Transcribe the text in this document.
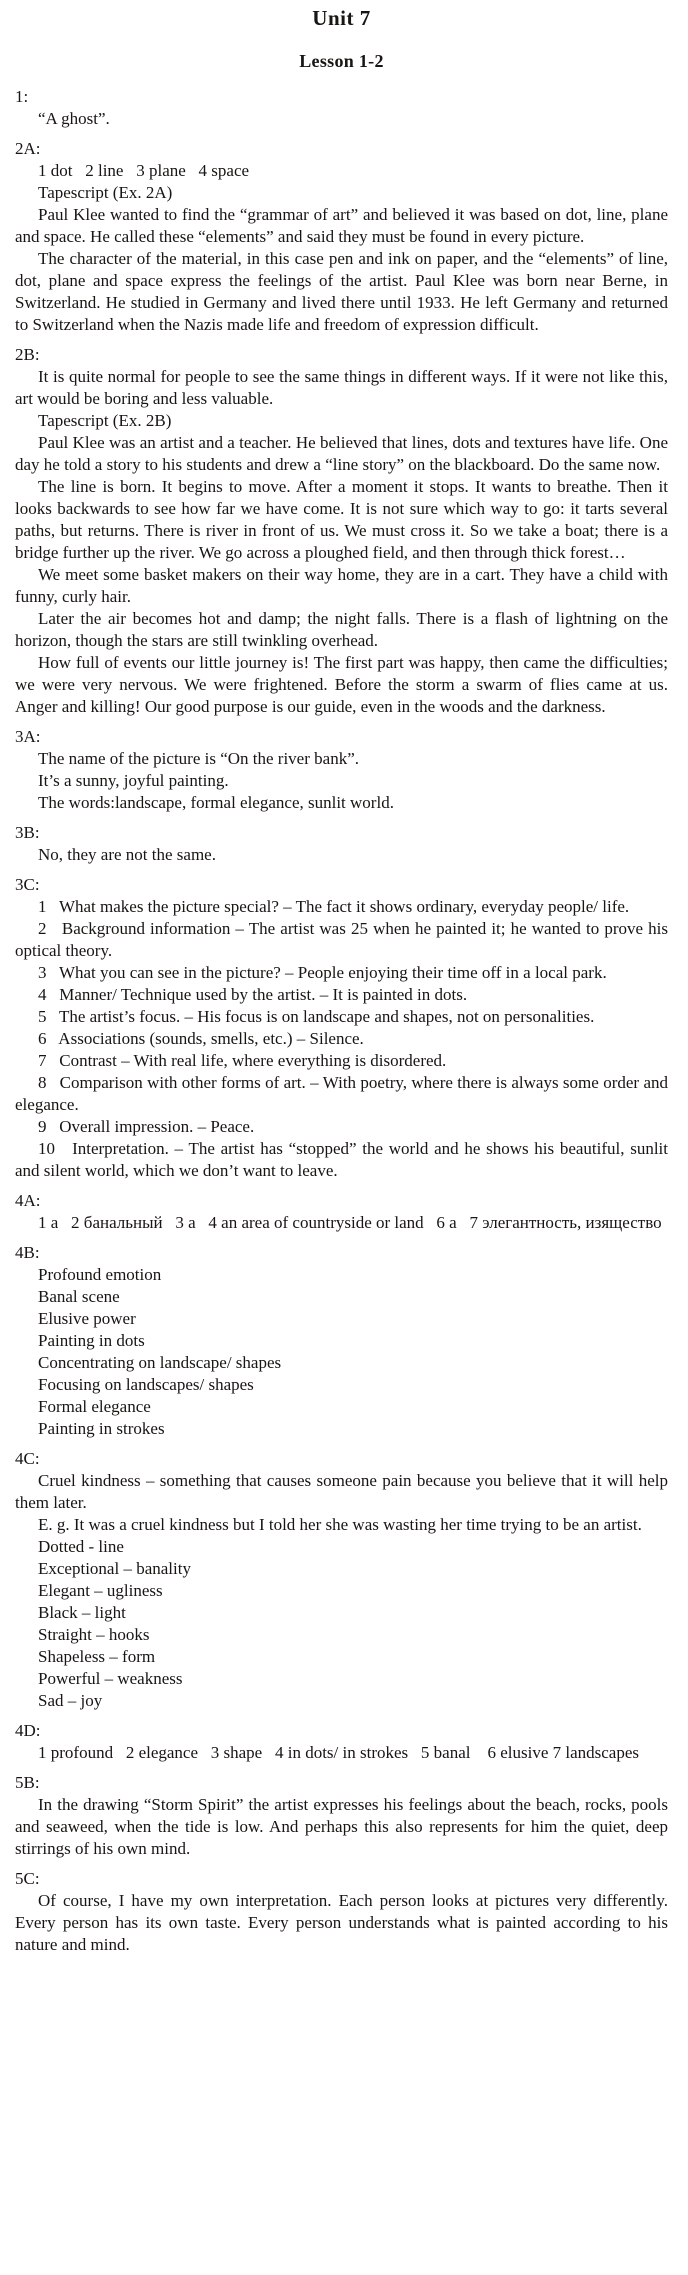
Unit 7
Lesson 1-2

1:

“A ghost”.

2A:

1 dot   2 line   3 plane   4 space

Tapescript (Ex. 2A)

Paul Klee wanted to find the “grammar of art” and believed it was based on dot, line, plane and space. He called these “elements” and said they must be found in every picture.

The character of the material, in this case pen and ink on paper, and the “elements” of line, dot, plane and space express the feelings of the artist. Paul Klee was born near Berne, in Switzerland. He studied in Germany and lived there until 1933. He left Germany and returned to Switzerland when the Nazis made life and freedom of expression difficult.

2B:

It is quite normal for people to see the same things in different ways. If it were not like this, art would be boring and less valuable.

Tapescript (Ex. 2B)

Paul Klee was an artist and a teacher. He believed that lines, dots and textures have life. One day he told a story to his students and drew a “line story” on the blackboard. Do the same now.

The line is born. It begins to move. After a moment it stops. It wants to breathe. Then it looks backwards to see how far we have come. It is not sure which way to go: it tarts several paths, but returns. There is river in front of us. We must cross it. So we take a boat; there is a bridge further up the river. We go across a ploughed field, and then through thick forest…

We meet some basket makers on their way home, they are in a cart. They have a child with funny, curly hair.

Later the air becomes hot and damp; the night falls. There is a flash of lightning on the horizon, though the stars are still twinkling overhead.

How full of events our little journey is! The first part was happy, then came the difficulties; we were very nervous. We were frightened. Before the storm a swarm of flies came at us. Anger and killing! Our good purpose is our guide, even in the woods and the darkness.

3A:

The name of the picture is “On the river bank”.

It’s a sunny, joyful painting.

The words:landscape, formal elegance, sunlit world.

3B:

No, they are not the same.

3C:

1   What makes the picture special? – The fact it shows ordinary, everyday people/ life.

2   Background information – The artist was 25 when he painted it; he wanted to prove his optical theory.

3   What you can see in the picture? – People enjoying their time off in a local park.

4   Manner/ Technique used by the artist. – It is painted in dots.

5   The artist’s focus. – His focus is on landscape and shapes, not on personalities.

6   Associations (sounds, smells, etc.) – Silence.

7   Contrast – With real life, where everything is disordered.

8   Comparison with other forms of art. – With poetry, where there is always some order and elegance.

9   Overall impression. – Peace.

10   Interpretation. – The artist has “stopped” the world and he shows his beautiful, sunlit and silent world, which we don’t want to leave.

4A:

1 a   2 банальный   3 а   4 an area of countryside or land   6 а   7 элегантность, изящество

4B:

Profound emotion

Banal scene

Elusive power

Painting in dots

Concentrating on landscape/ shapes

Focusing on landscapes/ shapes

Formal elegance

Painting in strokes

4C:

Cruel kindness – something that causes someone pain because you believe that it will help them later.

E. g. It was a cruel kindness but I told her she was wasting her time trying to be an artist.

Dotted - line

Exceptional – banality

Elegant – ugliness

Black – light

Straight – hooks

Shapeless – form

Powerful – weakness

Sad – joy

4D:

1 profound   2 elegance   3 shape   4 in dots/ in strokes   5 banal    6 elusive 7 landscapes

5B:

In the drawing “Storm Spirit” the artist expresses his feelings about the beach, rocks, pools and seaweed, when the tide is low. And perhaps this also represents for him the quiet, deep stirrings of his own mind.

5C:

Of course, I have my own interpretation. Each person looks at pictures very differently.  Every person has its own taste. Every person understands what is painted according to his nature and mind.
